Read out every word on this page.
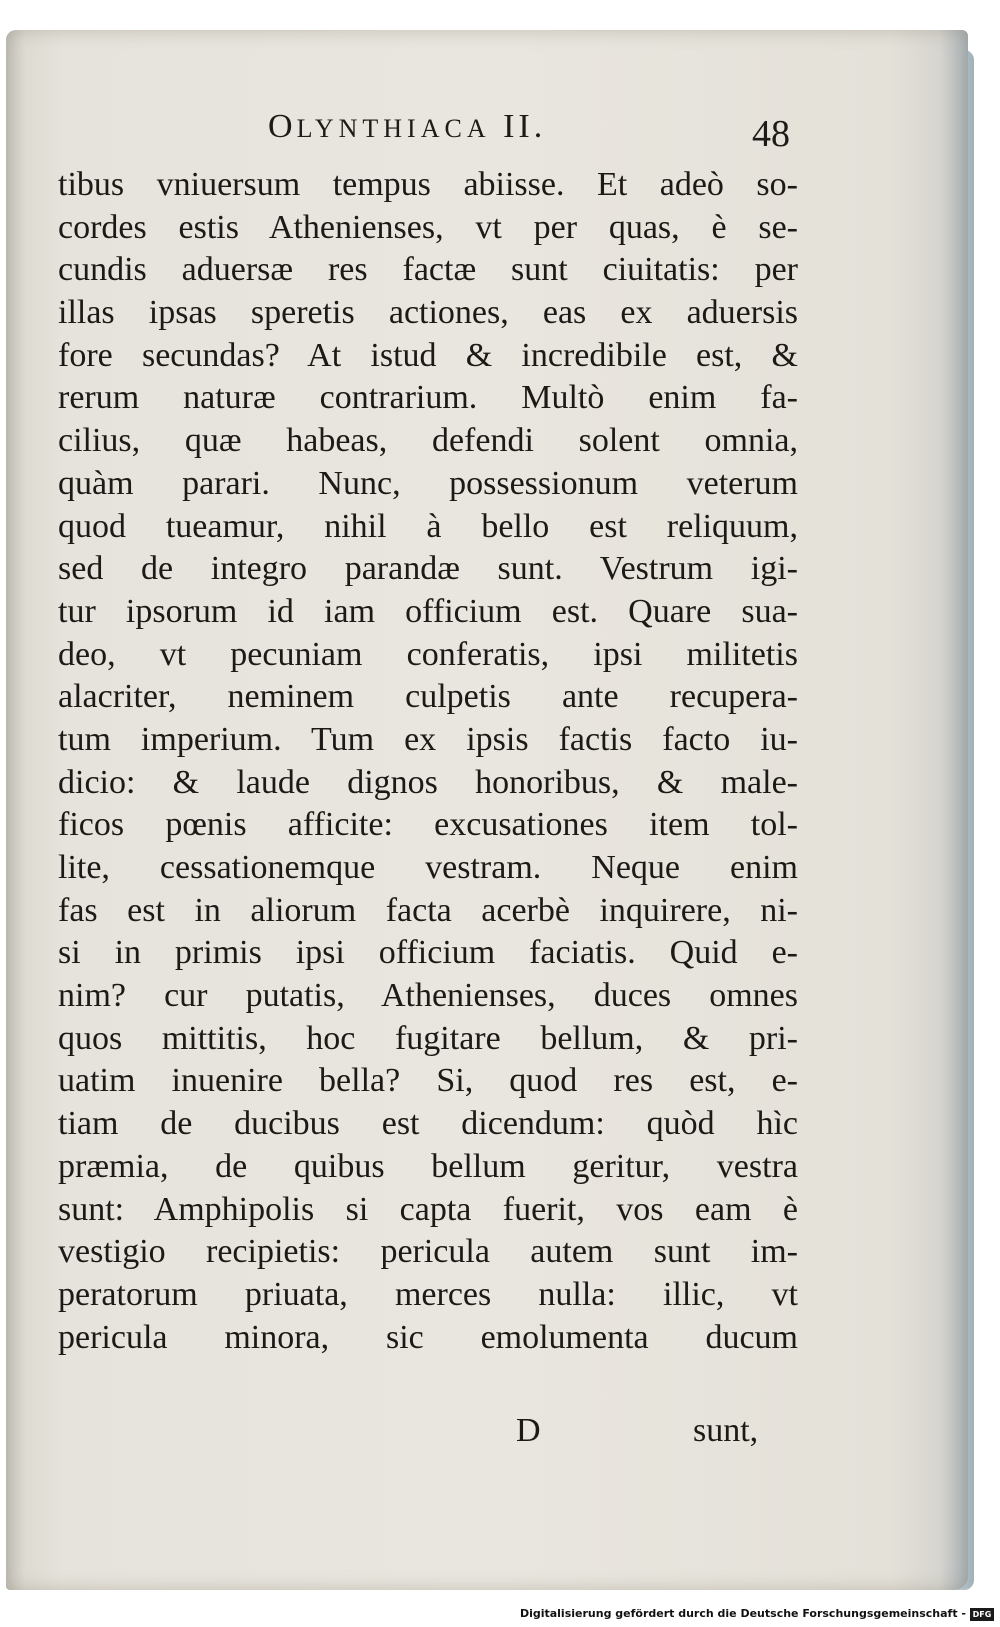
OLYNTHIACA II.	48
tibus vniuersum tempus abiisse. Et adeò so-
cordes estis Athenienses, vt per quas, è se-
cundis aduersæ res factæ sunt ciuitatis: per
illas ipsas speretis actiones, eas ex aduersis
fore secundas? At istud & incredibile est, &
rerum naturæ contrarium. Multò enim fa-
cilius, quæ habeas, defendi solent omnia,
quàm parari. Nunc, possessionum veterum
quod tueamur, nihil à bello est reliquum,
sed de integro parandæ sunt. Vestrum igi-
tur ipsorum id iam officium est. Quare sua-
deo, vt pecuniam conferatis, ipsi militetis
alacriter, neminem culpetis ante recupera-
tum imperium. Tum ex ipsis factis facto iu-
dicio: & laude dignos honoribus, & male-
ficos pœnis afficite: excusationes item tol-
lite, cessationemque vestram. Neque enim
fas est in aliorum facta acerbè inquirere, ni-
si in primis ipsi officium faciatis. Quid e-
nim? cur putatis, Athenienses, duces omnes
quos mittitis, hoc fugitare bellum, & pri-
uatim inuenire bella? Si, quod res est, e-
tiam de ducibus est dicendum: quòd hìc
præmia, de quibus bellum geritur, vestra
sunt: Amphipolis si capta fuerit, vos eam è
vestigio recipietis: pericula autem sunt im-
peratorum priuata, merces nulla: illic, vt
pericula minora, sic emolumenta ducum
D	sunt,
Digitalisierung gefördert durch die Deutsche Forschungsgemeinschaft - DFG
